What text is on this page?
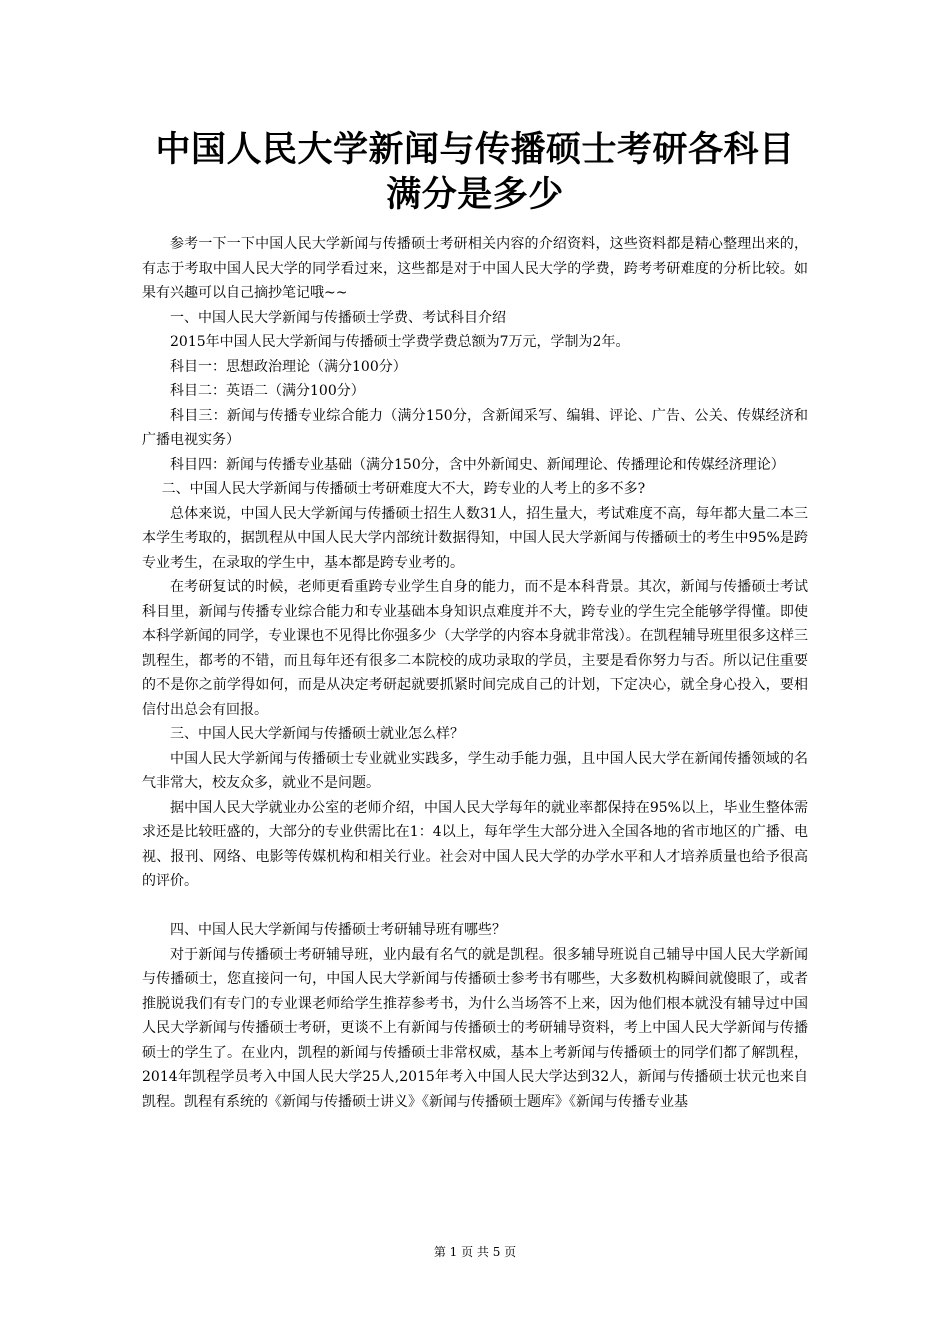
中国人民大学新闻与传播硕士考研各科目满分是多少

参考一下一下中国人民大学新闻与传播硕士考研相关内容的介绍资料，这些资料都是精心整理出来的，有志于考取中国人民大学的同学看过来，这些都是对于中国人民大学的学费，跨考考研难度的分析比较。如果有兴趣可以自己摘抄笔记哦~~

一、中国人民大学新闻与传播硕士学费、考试科目介绍

2015年中国人民大学新闻与传播硕士学费学费总额为7万元，学制为2年。

科目一：思想政治理论（满分100分）

科目二：英语二（满分100分）

科目三：新闻与传播专业综合能力（满分150分，含新闻采写、编辑、评论、广告、公关、传媒经济和广播电视实务）

科目四：新闻与传播专业基础（满分150分，含中外新闻史、新闻理论、传播理论和传媒经济理论）

二、中国人民大学新闻与传播硕士考研难度大不大，跨专业的人考上的多不多?

总体来说，中国人民大学新闻与传播硕士招生人数31人，招生量大，考试难度不高，每年都大量二本三本学生考取的，据凯程从中国人民大学内部统计数据得知，中国人民大学新闻与传播硕士的考生中95%是跨专业考生，在录取的学生中，基本都是跨专业考的。

在考研复试的时候，老师更看重跨专业学生自身的能力，而不是本科背景。其次，新闻与传播硕士考试科目里，新闻与传播专业综合能力和专业基础本身知识点难度并不大，跨专业的学生完全能够学得懂。即使本科学新闻的同学，专业课也不见得比你强多少（大学学的内容本身就非常浅）。在凯程辅导班里很多这样三凯程生，都考的不错，而且每年还有很多二本院校的成功录取的学员，主要是看你努力与否。所以记住重要的不是你之前学得如何，而是从决定考研起就要抓紧时间完成自己的计划，下定决心，就全身心投入，要相信付出总会有回报。

三、中国人民大学新闻与传播硕士就业怎么样？

中国人民大学新闻与传播硕士专业就业实践多，学生动手能力强，且中国人民大学在新闻传播领域的名气非常大，校友众多，就业不是问题。

据中国人民大学就业办公室的老师介绍，中国人民大学每年的就业率都保持在95%以上，毕业生整体需求还是比较旺盛的，大部分的专业供需比在1：4以上，每年学生大部分进入全国各地的省市地区的广播、电视、报刊、网络、电影等传媒机构和相关行业。社会对中国人民大学的办学水平和人才培养质量也给予很高的评价。

四、中国人民大学新闻与传播硕士考研辅导班有哪些？

对于新闻与传播硕士考研辅导班，业内最有名气的就是凯程。很多辅导班说自己辅导中国人民大学新闻与传播硕士，您直接问一句，中国人民大学新闻与传播硕士参考书有哪些，大多数机构瞬间就傻眼了，或者推脱说我们有专门的专业课老师给学生推荐参考书，为什么当场答不上来，因为他们根本就没有辅导过中国人民大学新闻与传播硕士考研，更谈不上有新闻与传播硕士的考研辅导资料，考上中国人民大学新闻与传播硕士的学生了。在业内，凯程的新闻与传播硕士非常权威，基本上考新闻与传播硕士的同学们都了解凯程，2014年凯程学员考入中国人民大学25人,2015年考入中国人民大学达到32人，新闻与传播硕士状元也来自凯程。凯程有系统的《新闻与传播硕士讲义》《新闻与传播硕士题库》《新闻与传播专业基

第 1 页 共 5 页
